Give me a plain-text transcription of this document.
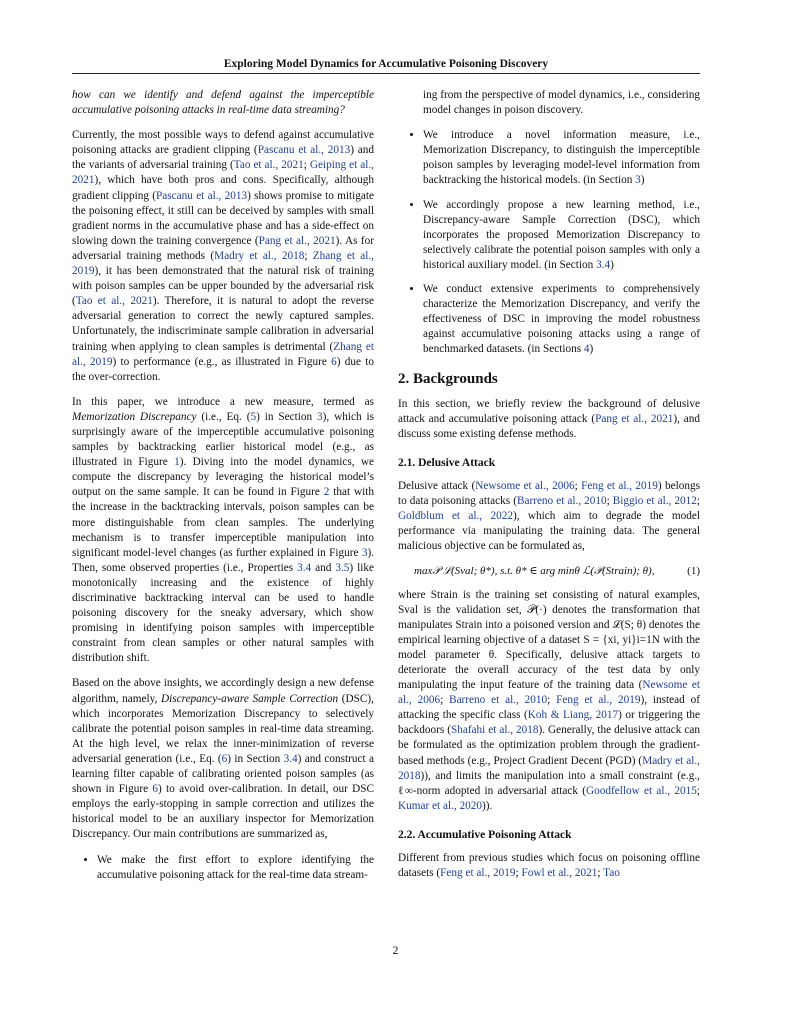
Exploring Model Dynamics for Accumulative Poisoning Discovery

how can we identify and defend against the imperceptible accumulative poisoning attacks in real-time data streaming?

Currently, the most possible ways to defend against accumulative poisoning attacks are gradient clipping (Pascanu et al., 2013) and the variants of adversarial training (Tao et al., 2021; Geiping et al., 2021), which have both pros and cons. Specifically, although gradient clipping (Pascanu et al., 2013) shows promise to mitigate the poisoning effect, it still can be deceived by samples with small gradient norms in the accumulative phase and has a side-effect on slowing down the training convergence (Pang et al., 2021). As for adversarial training methods (Madry et al., 2018; Zhang et al., 2019), it has been demonstrated that the natural risk of training with poison samples can be upper bounded by the adversarial risk (Tao et al., 2021). Therefore, it is natural to adopt the reverse adversarial generation to correct the newly captured samples. Unfortunately, the indiscriminate sample calibration in adversarial training when applying to clean samples is detrimental (Zhang et al., 2019) to performance (e.g., as illustrated in Figure 6) due to the over-correction.

In this paper, we introduce a new measure, termed as Memorization Discrepancy (i.e., Eq. (5) in Section 3), which is surprisingly aware of the imperceptible accumulative poisoning samples by backtracking earlier historical model (e.g., as illustrated in Figure 1). Diving into the model dynamics, we compute the discrepancy by leveraging the historical model’s output on the same sample. It can be found in Figure 2 that with the increase in the backtracking intervals, poison samples can be more distinguishable from clean samples. The underlying mechanism is to transfer imperceptible manipulation into significant model-level changes (as further explained in Figure 3). Then, some observed properties (i.e., Properties 3.4 and 3.5) like monotonically increasing and the existence of highly discriminative backtracking interval can be used to handle poisoning discovery for the sneaky adversary, which show promising in identifying poison samples with imperceptible constraint from clean samples or other natural samples with distribution shift.

Based on the above insights, we accordingly design a new defense algorithm, namely, Discrepancy-aware Sample Correction (DSC), which incorporates Memorization Discrepancy to selectively calibrate the potential poison samples in real-time data streaming. At the high level, we relax the inner-minimization of reverse adversarial generation (i.e., Eq. (6) in Section 3.4) and construct a learning filter capable of calibrating oriented poison samples (as shown in Figure 6) to avoid over-calibration. In detail, our DSC employs the early-stopping in sample correction and utilizes the historical model to be an auxiliary inspector for Memorization Discrepancy. Our main contributions are summarized as,

• We make the first effort to explore identifying the accumulative poisoning attack for the real-time data stream-

ing from the perspective of model dynamics, i.e., considering model changes in poison discovery.

• We introduce a novel information measure, i.e., Memorization Discrepancy, to distinguish the imperceptible poison samples by leveraging model-level information from backtracking the historical models. (in Section 3)
• We accordingly propose a new learning method, i.e., Discrepancy-aware Sample Correction (DSC), which incorporates the proposed Memorization Discrepancy to selectively calibrate the potential poison samples with only a historical auxiliary model. (in Section 3.4)
• We conduct extensive experiments to comprehensively characterize the Memorization Discrepancy, and verify the effectiveness of DSC in improving the model robustness against accumulative poisoning attacks using a range of benchmarked datasets. (in Sections 4)
2. Backgrounds

In this section, we briefly review the background of delusive attack and accumulative poisoning attack (Pang et al., 2021), and discuss some existing defense methods.

2.1. Delusive Attack

Delusive attack (Newsome et al., 2006; Feng et al., 2019) belongs to data poisoning attacks (Barreno et al., 2010; Biggio et al., 2012; Goldblum et al., 2022), which aim to degrade the model performance via manipulating the training data. The general malicious objective can be formulated as,

max𝒫 ℒ(Sval; θ*), s.t. θ* ∈ arg minθ ℒ(𝒫(Strain); θ),	(1)

where Strain is the training set consisting of natural examples, Sval is the validation set, 𝒫(·) denotes the transformation that manipulates Strain into a poisoned version and ℒ(S; θ) denotes the empirical learning objective of a dataset S = {xi, yi}i=1N with the model parameter θ. Specifically, delusive attack targets to deteriorate the overall accuracy of the test data by only manipulating the input feature of the training data (Newsome et al., 2006; Barreno et al., 2010; Feng et al., 2019), instead of attacking the specific class (Koh & Liang, 2017) or triggering the backdoors (Shafahi et al., 2018). Generally, the delusive attack can be formulated as the optimization problem through the gradient-based methods (e.g., Project Gradient Decent (PGD) (Madry et al., 2018)), and limits the manipulation into a small constraint (e.g., ℓ∞-norm adopted in adversarial attack (Goodfellow et al., 2015; Kumar et al., 2020)).

2.2. Accumulative Poisoning Attack

Different from previous studies which focus on poisoning offline datasets (Feng et al., 2019; Fowl et al., 2021; Tao

2
